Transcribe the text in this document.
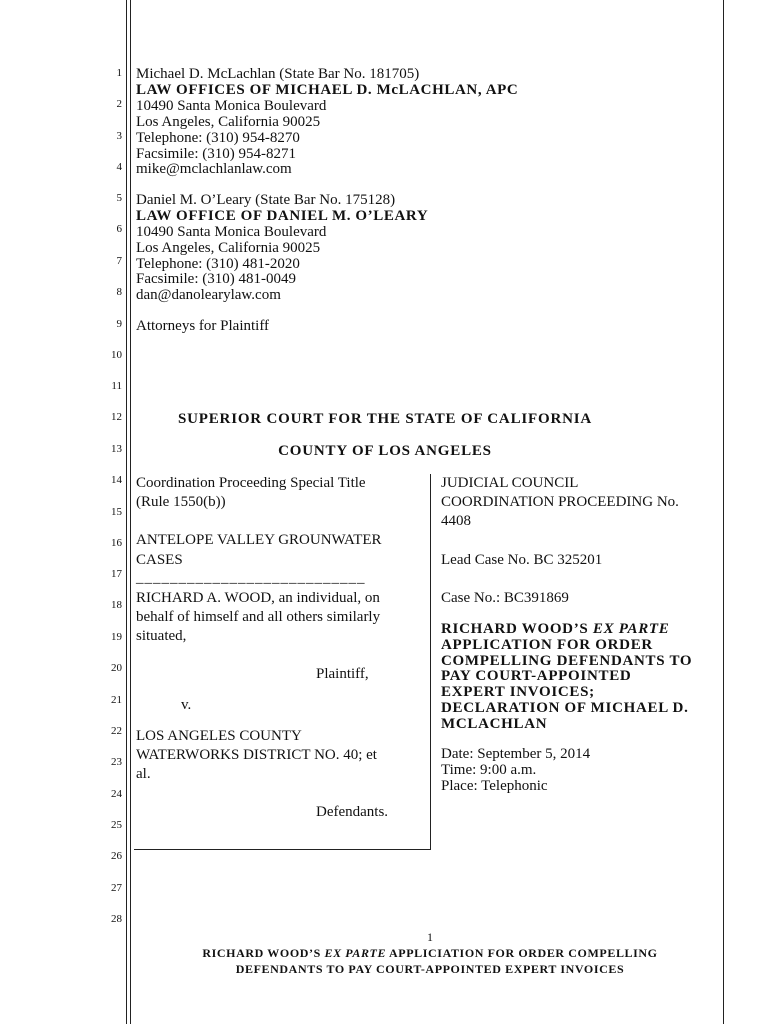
1
2
3
4
5
6
7
8
9
10
11
12
13
14
15
16
17
18
19
20
21
22
23
24
25
26
27
28
Michael D. McLachlan (State Bar No. 181705)
LAW OFFICES OF MICHAEL D. McLACHLAN, APC
10490 Santa Monica Boulevard
Los Angeles, California 90025
Telephone: (310) 954-8270
Facsimile: (310) 954-8271
mike@mclachlanlaw.com
Daniel M. O’Leary (State Bar No. 175128)
LAW OFFICE OF DANIEL M. O’LEARY
10490 Santa Monica Boulevard
Los Angeles, California 90025
Telephone: (310) 481-2020
Facsimile: (310) 481-0049
dan@danolearylaw.com
Attorneys for Plaintiff
SUPERIOR COURT FOR THE STATE OF CALIFORNIA
COUNTY OF LOS ANGELES
Coordination Proceeding Special Title
(Rule 1550(b))
ANTELOPE VALLEY GROUNWATER
CASES
___________________________
RICHARD A. WOOD, an individual, on
behalf of himself and all others similarly
situated,
Plaintiff,
v.
LOS ANGELES COUNTY
WATERWORKS DISTRICT NO. 40; et
al.
Defendants.
JUDICIAL COUNCIL
COORDINATION PROCEEDING No.
4408
Lead Case No. BC 325201
Case No.: BC391869
RICHARD WOOD’S EX PARTE
APPLICATION FOR ORDER
COMPELLING DEFENDANTS TO
PAY COURT-APPOINTED
EXPERT INVOICES;
DECLARATION OF MICHAEL D.
MCLACHLAN
Date: September 5, 2014
Time: 9:00 a.m.
Place: Telephonic
1
RICHARD WOOD’S EX PARTE APPLICIATION FOR ORDER COMPELLING
DEFENDANTS TO PAY COURT-APPOINTED EXPERT INVOICES
